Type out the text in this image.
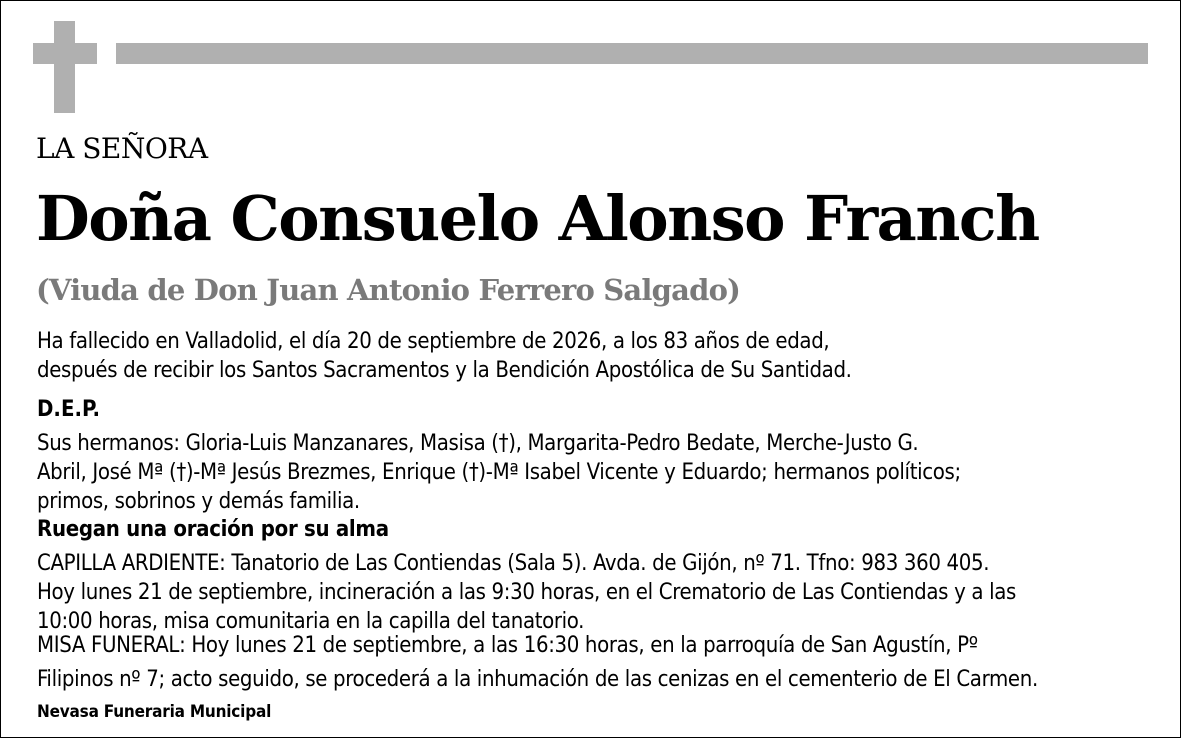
LA SEÑORA
Doña Consuelo Alonso Franch
(Viuda de Don Juan Antonio Ferrero Salgado)
Ha fallecido en Valladolid, el día 20 de septiembre de 2026, a los 83 años de edad,
después de recibir los Santos Sacramentos y la Bendición Apostólica de Su Santidad.
D.E.P.
Sus hermanos: Gloria-Luis Manzanares, Masisa (†), Margarita-Pedro Bedate, Merche-Justo G.
Abril, José Mª (†)-Mª Jesús Brezmes, Enrique (†)-Mª Isabel Vicente y Eduardo; hermanos políticos;
primos, sobrinos y demás familia.
Ruegan una oración por su alma
CAPILLA ARDIENTE: Tanatorio de Las Contiendas (Sala 5). Avda. de Gijón, nº 71. Tfno: 983 360 405.
Hoy lunes 21 de septiembre, incineración a las 9:30 horas, en el Crematorio de Las Contiendas y a las
10:00 horas, misa comunitaria en la capilla del tanatorio.
MISA FUNERAL: Hoy lunes 21 de septiembre, a las 16:30 horas, en la parroquía de San Agustín, Pº
Filipinos nº 7; acto seguido, se procederá a la inhumación de las cenizas en el cementerio de El Carmen.
Nevasa Funeraria Municipal
